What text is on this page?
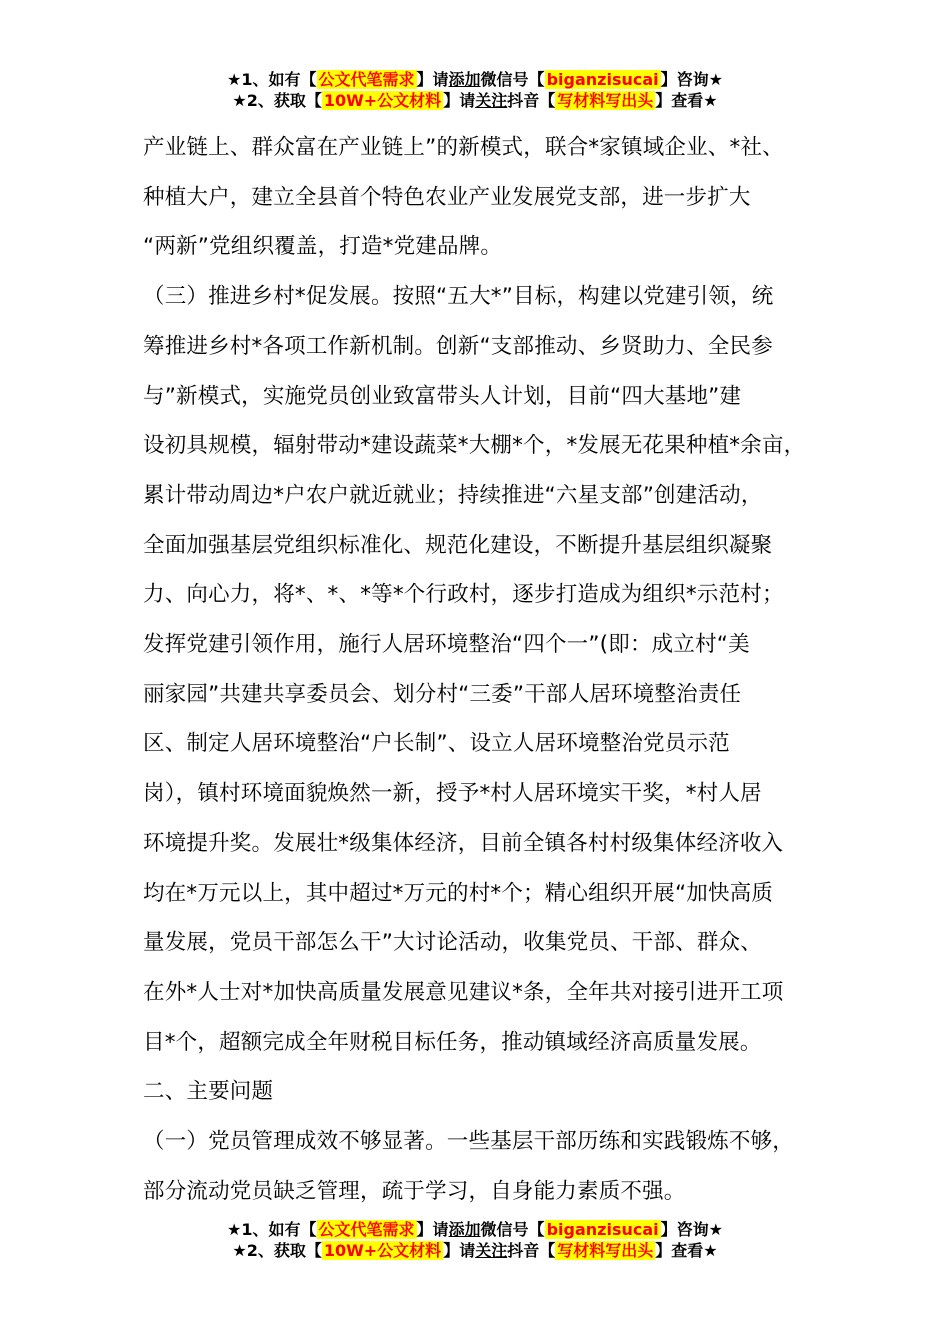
★1、如有【 公文代笔需求 】请添加微信号【 biganzisucai 】咨询★
★2、获取【 10W+公文材料 】请关注抖音【 写材料写出头 】查看★

产业链上、群众富在产业链上”的新模式，联合*家镇域企业、*社、
种植大户，建立全县首个特色农业产业发展党支部，进一步扩大
“两新”党组织覆盖，打造*党建品牌。

（三）推进乡村*促发展。按照“五大*”目标，构建以党建引领，统
筹推进乡村*各项工作新机制。创新“支部推动、乡贤助力、全民参
与”新模式，实施党员创业致富带头人计划，目前“四大基地”建
设初具规模，辐射带动*建设蔬菜*大棚*个，*发展无花果种植*余亩，
累计带动周边*户农户就近就业；持续推进“六星支部”创建活动，
全面加强基层党组织标准化、规范化建设，不断提升基层组织凝聚
力、向心力，将*、*、*等*个行政村，逐步打造成为组织*示范村；
发挥党建引领作用，施行人居环境整治“四个一”(即：成立村“美
丽家园”共建共享委员会、划分村“三委”干部人居环境整治责任
区、制定人居环境整治“户长制”、设立人居环境整治党员示范
岗），镇村环境面貌焕然一新，授予*村人居环境实干奖，*村人居
环境提升奖。发展壮*级集体经济，目前全镇各村村级集体经济收入
均在*万元以上，其中超过*万元的村*个；精心组织开展“加快高质
量发展，党员干部怎么干”大讨论活动，收集党员、干部、群众、
在外*人士对*加快高质量发展意见建议*条，全年共对接引进开工项
目*个，超额完成全年财税目标任务，推动镇域经济高质量发展。

二、主要问题

（一）党员管理成效不够显著。一些基层干部历练和实践锻炼不够，
部分流动党员缺乏管理，疏于学习，自身能力素质不强。

★1、如有【 公文代笔需求 】请添加微信号【 biganzisucai 】咨询★
★2、获取【 10W+公文材料 】请关注抖音【 写材料写出头 】查看★
